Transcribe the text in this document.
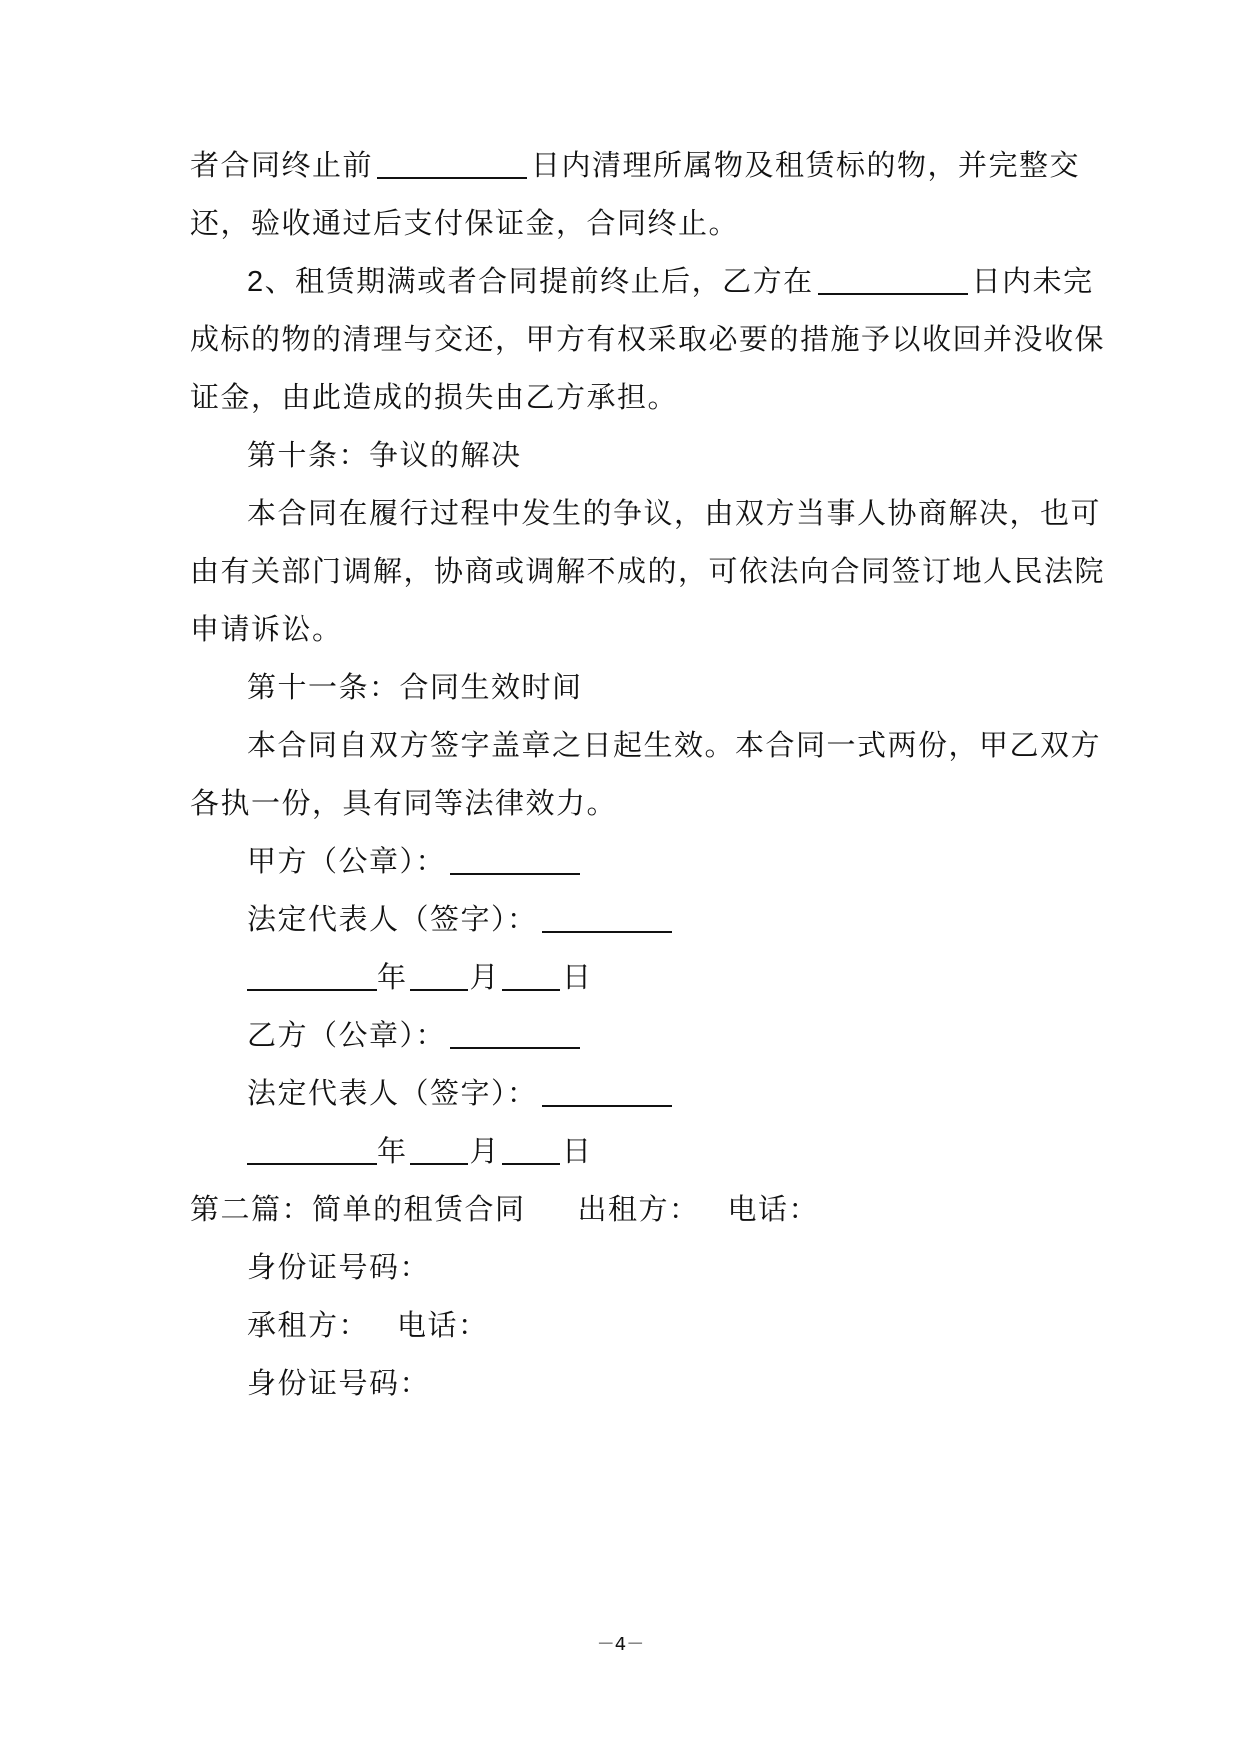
者合同终止前	日内清理所属物及租赁标的物，并完整交
还，验收通过后支付保证金，合同终止。
2、租赁期满或者合同提前终止后，乙方在	日内未完
成标的物的清理与交还，甲方有权采取必要的措施予以收回并没收保
证金，由此造成的损失由乙方承担。
第十条：争议的解决
本合同在履行过程中发生的争议，由双方当事人协商解决，也可
由有关部门调解，协商或调解不成的，可依法向合同签订地人民法院
申请诉讼。
第十一条：合同生效时间
本合同自双方签字盖章之日起生效。本合同一式两份，甲乙双方
各执一份，具有同等法律效力。
甲方（公章）：
法定代表人（签字）：
年 月 日
乙方（公章）：
法定代表人（签字）：
年 月 日
第二篇：简单的租赁合同 出租方： 电话：
身份证号码：
承租方： 电话：
身份证号码：
－4－
